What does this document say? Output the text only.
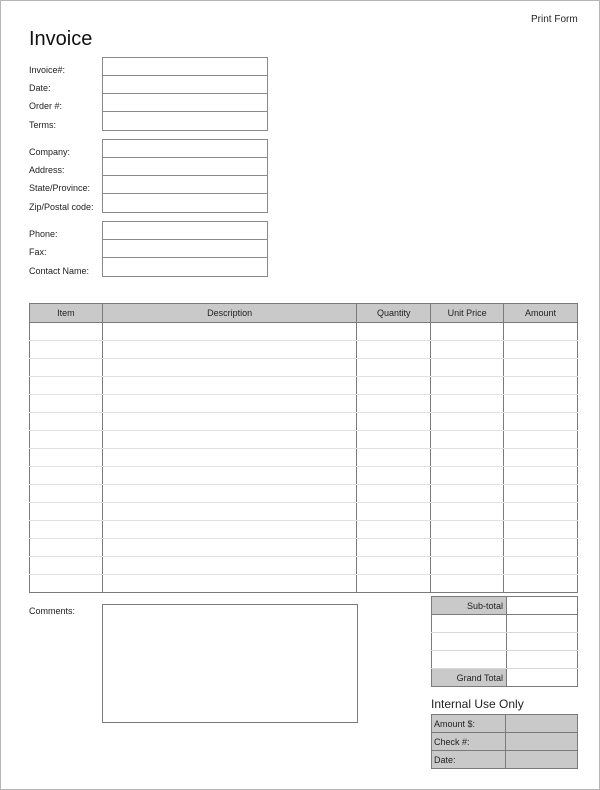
Print Form
Invoice
Invoice#:
Date:
Order #:
Terms:
Company:
Address:
State/Province:
Zip/Postal code:
Phone:
Fax:
Contact Name:
Item	Description	Quantity	Unit Price	Amount

Comments:
Sub-total	

Grand Total	
Internal Use Only
Amount $:	
Check #:	
Date:	
